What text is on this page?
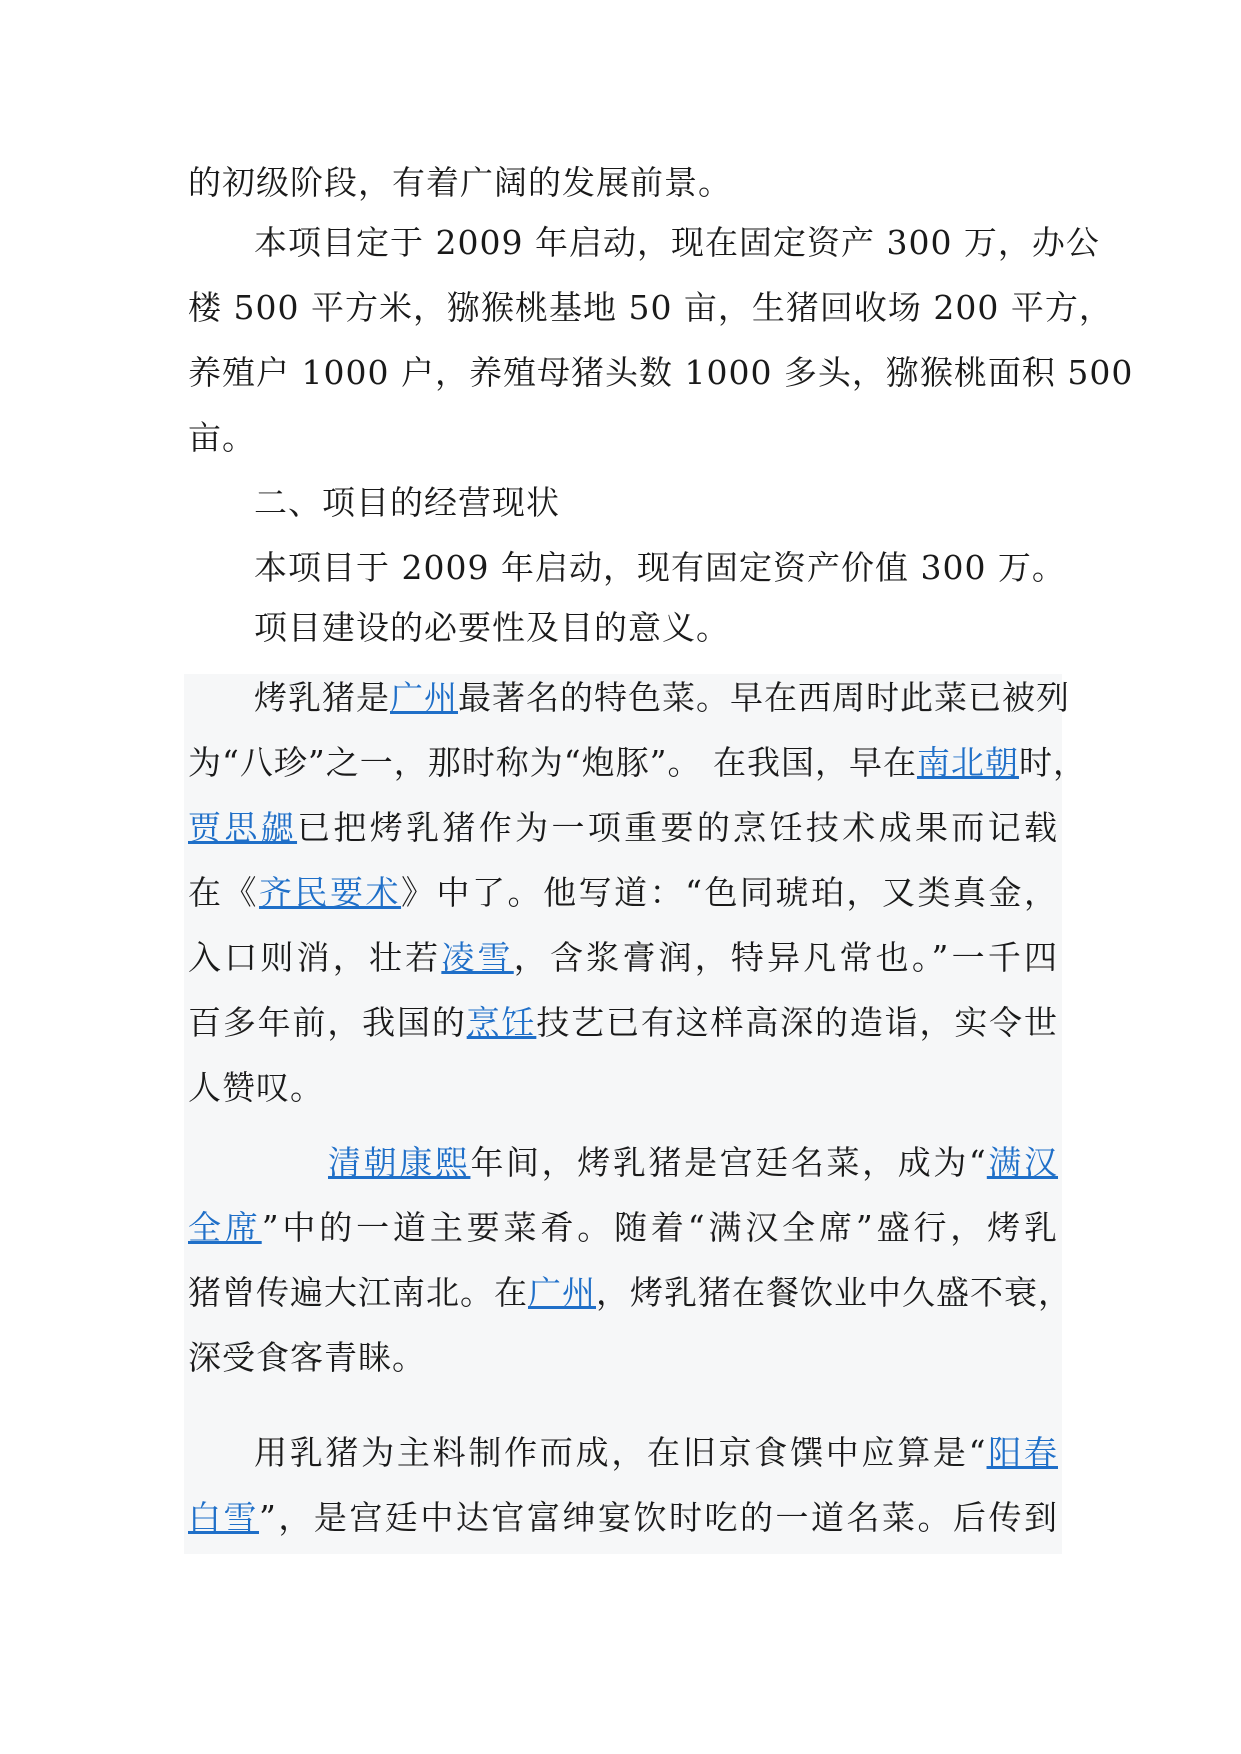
的初级阶段，有着广阔的发展前景。
本项目定于 2009 年启动，现在固定资产 300 万，办公
楼 500 平方米，猕猴桃基地 50 亩，生猪回收场 200 平方，
养殖户 1000 户，养殖母猪头数 1000 多头，猕猴桃面积 500
亩。
二、项目的经营现状
本项目于 2009 年启动，现有固定资产价值 300 万。
项目建设的必要性及目的意义。
烤乳猪是广州最著名的特色菜。早在西周时此菜已被列
为“八珍”之一，那时称为“炮豚”。 在我国，早在南北朝时，
贾思勰已把烤乳猪作为一项重要的烹饪技术成果而记载
在《齐民要术》中了。他写道：“色同琥珀，又类真金，
入口则消，壮若凌雪，含浆膏润，特异凡常也。”一千四
百多年前，我国的烹饪技艺已有这样高深的造诣，实令世
人赞叹。
清朝康熙年间，烤乳猪是宫廷名菜，成为“满汉
全席”中的一道主要菜肴。随着“满汉全席”盛行，烤乳
猪曾传遍大江南北。在广州，烤乳猪在餐饮业中久盛不衰，
深受食客青睐。
用乳猪为主料制作而成，在旧京食馔中应算是“阳春
白雪”，是宫廷中达官富绅宴饮时吃的一道名菜。后传到
